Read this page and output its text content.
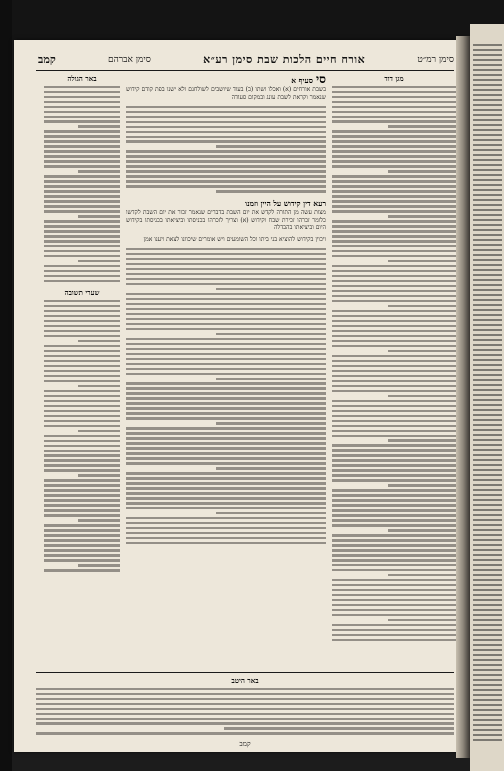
סימן רמ״ט
אורח חיים הלכות שבת סימן רע״א
סימן אברהם
קמב
מגן דוד
סיסעיף א
בשבת אורחים (א) ואכלו ושתו (ב) בעוד שיושבים לשולחנם ולא ישנו בפת קודם קידוש שנאמר וקראת לשבת עונג ובמקום סעודה
רעא דין קידוש על היין וזמנו
מצות עשה מן התורה לקדש את יום השבת בדברים שנאמר זכור את יום השבת לקדשו כלומר זכרהו זכירת שבח וקידוש (א) וצריך לזכרהו בכניסתו וביציאתו בכניסתו בקידוש היום וביציאתו בהבדלה
ויכוין בקידוש להוציא בני ביתו וכל השומעים ויש אומרים שיכוונו לצאת ויענו אמן
באר הגולה
שערי תשובה
באר היטב
קמב
